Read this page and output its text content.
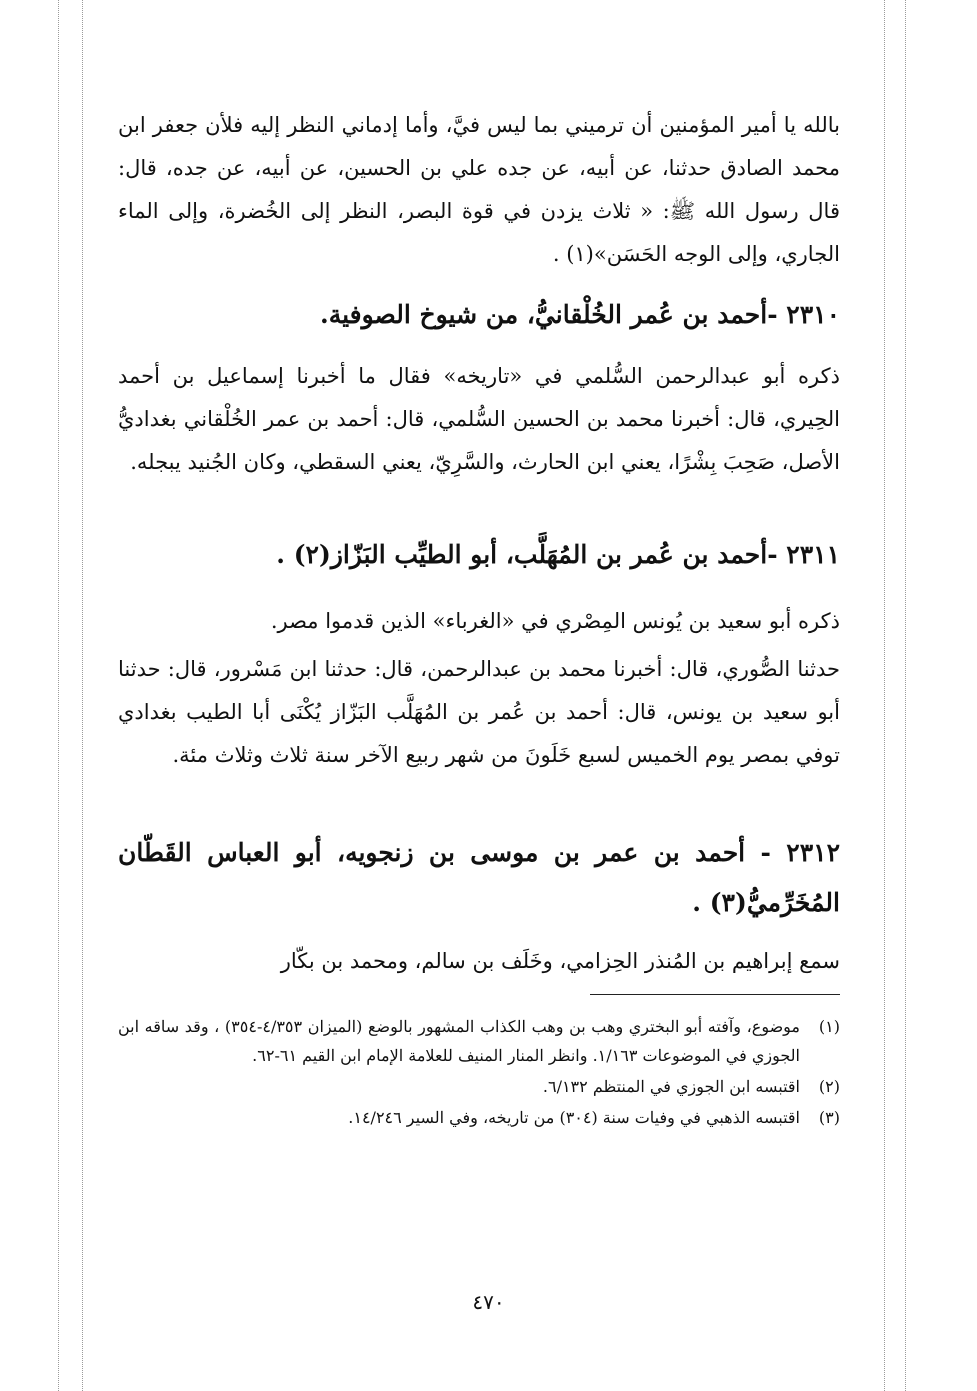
بالله يا أمير المؤمنين أن ترميني بما ليس فيَّ، وأما إدماني النظر إليه فلأن جعفر ابن محمد الصادق حدثنا، عن أبيه، عن جده علي بن الحسين، عن أبيه، عن جده، قال: قال رسول الله ﷺ: « ثلاث يزدن في قوة البصر، النظر إلى الخُضرة، وإلى الماء الجاري، وإلى الوجه الحَسَن»(١) .
٢٣١٠ -أحمد بن عُمر الخُلْقانيُّ، من شيوخ الصوفية.
ذكره أبو عبدالرحمن السُّلمي في «تاريخه» فقال ما أخبرنا إسماعيل بن أحمد الحِيري، قال: أخبرنا محمد بن الحسين السُّلمي، قال: أحمد بن عمر الخُلْقاني بغداديُّ الأصل، صَحِبَ بِشْرًا، يعني ابن الحارث، والسَّرِيّ، يعني السقطي، وكان الجُنيد يبجله.
٢٣١١ -أحمد بن عُمر بن المُهَلَّب، أبو الطيِّب البَزّاز(٢) .
ذكره أبو سعيد بن يُونس المِصْري في «الغرباء» الذين قدموا مصر.
حدثنا الصُّوري، قال: أخبرنا محمد بن عبدالرحمن، قال: حدثنا ابن مَسْرور، قال: حدثنا أبو سعيد بن يونس، قال: أحمد بن عُمر بن المُهَلَّب البَزّاز يُكْنَى أبا الطيب بغدادي توفي بمصر يوم الخميس لسبع خَلَونَ من شهر ربيع الآخر سنة ثلاث وثلاث مئة.
٢٣١٢ - أحمد بن عمر بن موسى بن زنجويه، أبو العباس القَطّان المُخَرِّميُّ(٣) .
سمع إبراهيم بن المُنذر الحِزامي، وخَلَف بن سالم، ومحمد بن بكّار
(١)
موضوع، وآفته أبو البختري وهب بن وهب الكذاب المشهور بالوضع (الميزان ٤/٣٥٣-٣٥٤) ، وقد ساقه ابن الجوزي في الموضوعات ١/١٦٣. وانظر المنار المنيف للعلامة الإمام ابن القيم ٦١-٦٢.
(٢)
اقتبسه ابن الجوزي في المنتظم ٦/١٣٢.
(٣)
اقتبسه الذهبي في وفيات سنة (٣٠٤) من تاريخه، وفي السير ١٤/٢٤٦.
٤٧٠
